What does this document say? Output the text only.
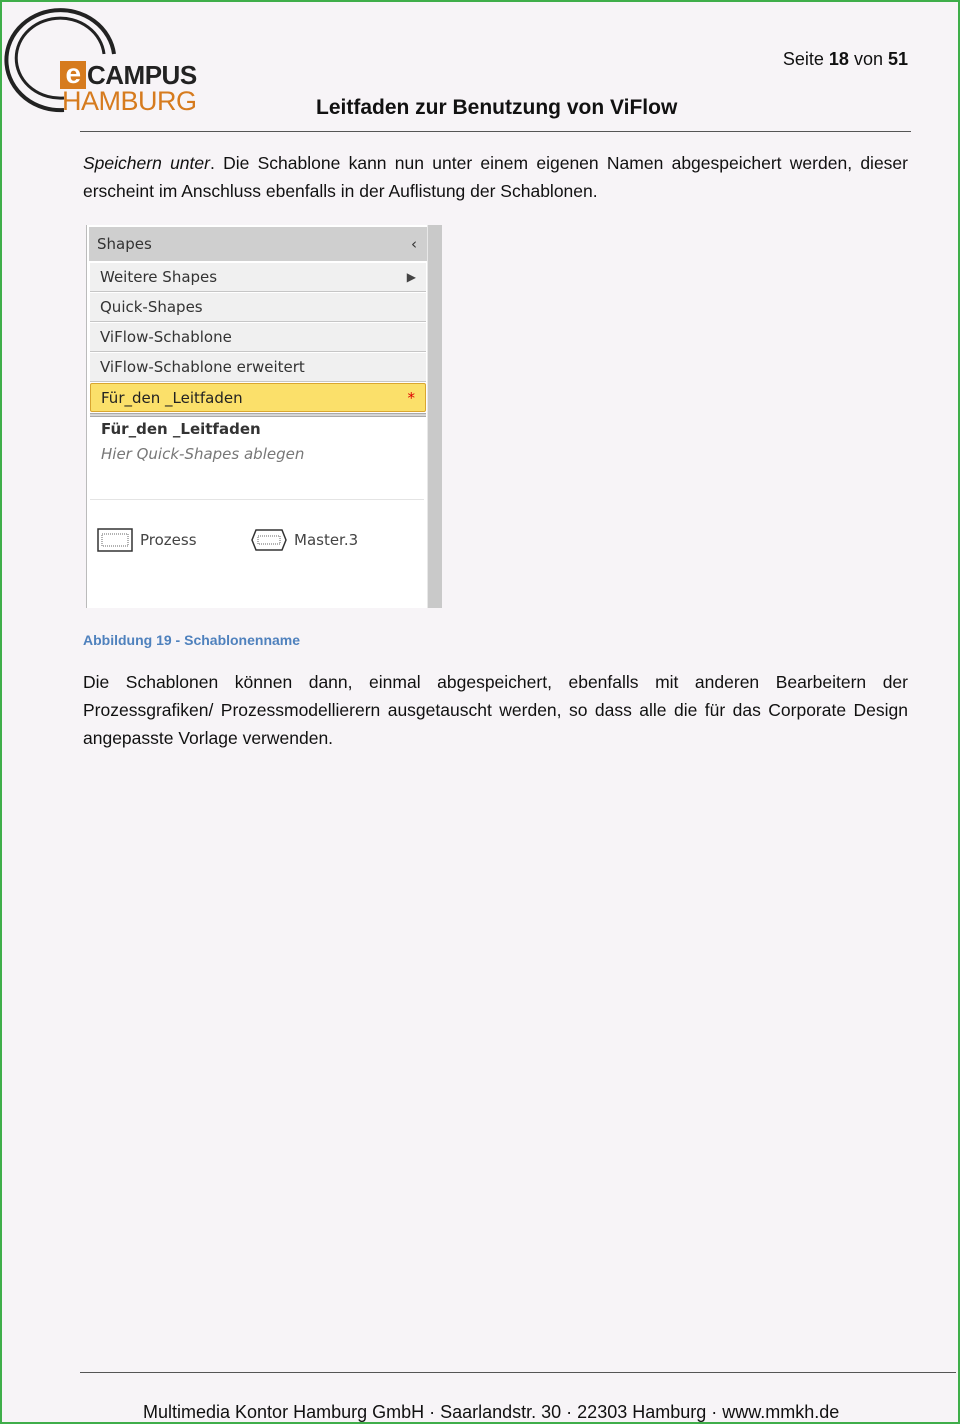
e CAMPUS
HAMBURG
Seite 18 von 51
Leitfaden zur Benutzung von ViFlow
Speichern unter. Die Schablone kann nun unter einem eigenen Namen abgespeichert werden, dieser erscheint im Anschluss ebenfalls in der Auflistung der Schablonen.
Shapes	‹
Weitere Shapes	▶
Quick-Shapes
ViFlow-Schablone
ViFlow-Schablone erweitert
Für_den _Leitfaden	*
Für_den _Leitfaden
Hier Quick-Shapes ablegen
Prozess	Master.3
Abbildung 19 - Schablonenname
Die Schablonen können dann, einmal abgespeichert, ebenfalls mit anderen Bearbeitern der Prozessgrafiken/ Prozessmodellierern ausgetauscht werden, so dass alle die für das Corporate Design angepasste Vorlage verwenden.
Multimedia Kontor Hamburg GmbH · Saarlandstr. 30 · 22303 Hamburg · www.mmkh.de
